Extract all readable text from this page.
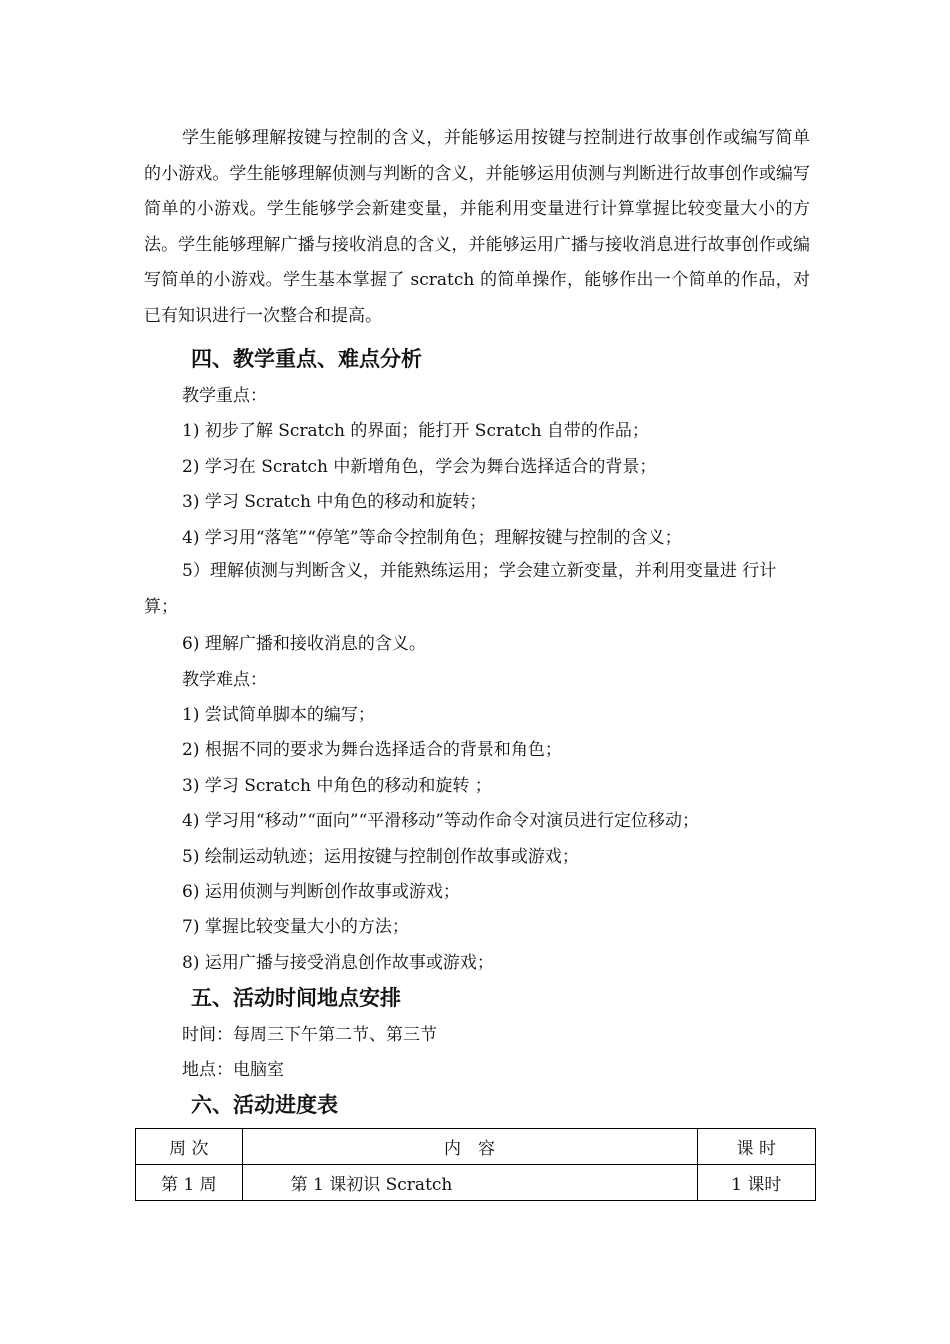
学生能够理解按键与控制的含义，并能够运用按键与控制进行故事创作或编写简单的小游戏。学生能够理解侦测与判断的含义，并能够运用侦测与判断进行故事创作或编写简单的小游戏。学生能够学会新建变量，并能利用变量进行计算掌握比较变量大小的方法。学生能够理解广播与接收消息的含义，并能够运用广播与接收消息进行故事创作或编写简单的小游戏。学生基本掌握了 scratch 的简单操作，能够作出一个简单的作品，对已有知识进行一次整合和提高。

四、教学重点、难点分析

教学重点：

1) 初步了解 Scratch 的界面；能打开 Scratch 自带的作品；

2) 学习在 Scratch 中新增角色，学会为舞台选择适合的背景；

3) 学习 Scratch 中角色的移动和旋转；

4) 学习用“落笔”“停笔”等命令控制角色；理解按键与控制的含义；

5）理解侦测与判断含义，并能熟练运用；学会建立新变量，并利用变量进 行计算；

6) 理解广播和接收消息的含义。

教学难点：

1) 尝试简单脚本的编写；

2) 根据不同的要求为舞台选择适合的背景和角色；

3) 学习 Scratch 中角色的移动和旋转 ；

4) 学习用“移动”“面向”“平滑移动”等动作命令对演员进行定位移动；

5) 绘制运动轨迹；运用按键与控制创作故事或游戏；

6) 运用侦测与判断创作故事或游戏；

7) 掌握比较变量大小的方法；

8) 运用广播与接受消息创作故事或游戏；

五、活动时间地点安排

时间：每周三下午第二节、第三节

地点：电脑室

六、活动进度表
周 次	内　容	课 时
第 1 周	第 1 课初识 Scratch	1 课时
